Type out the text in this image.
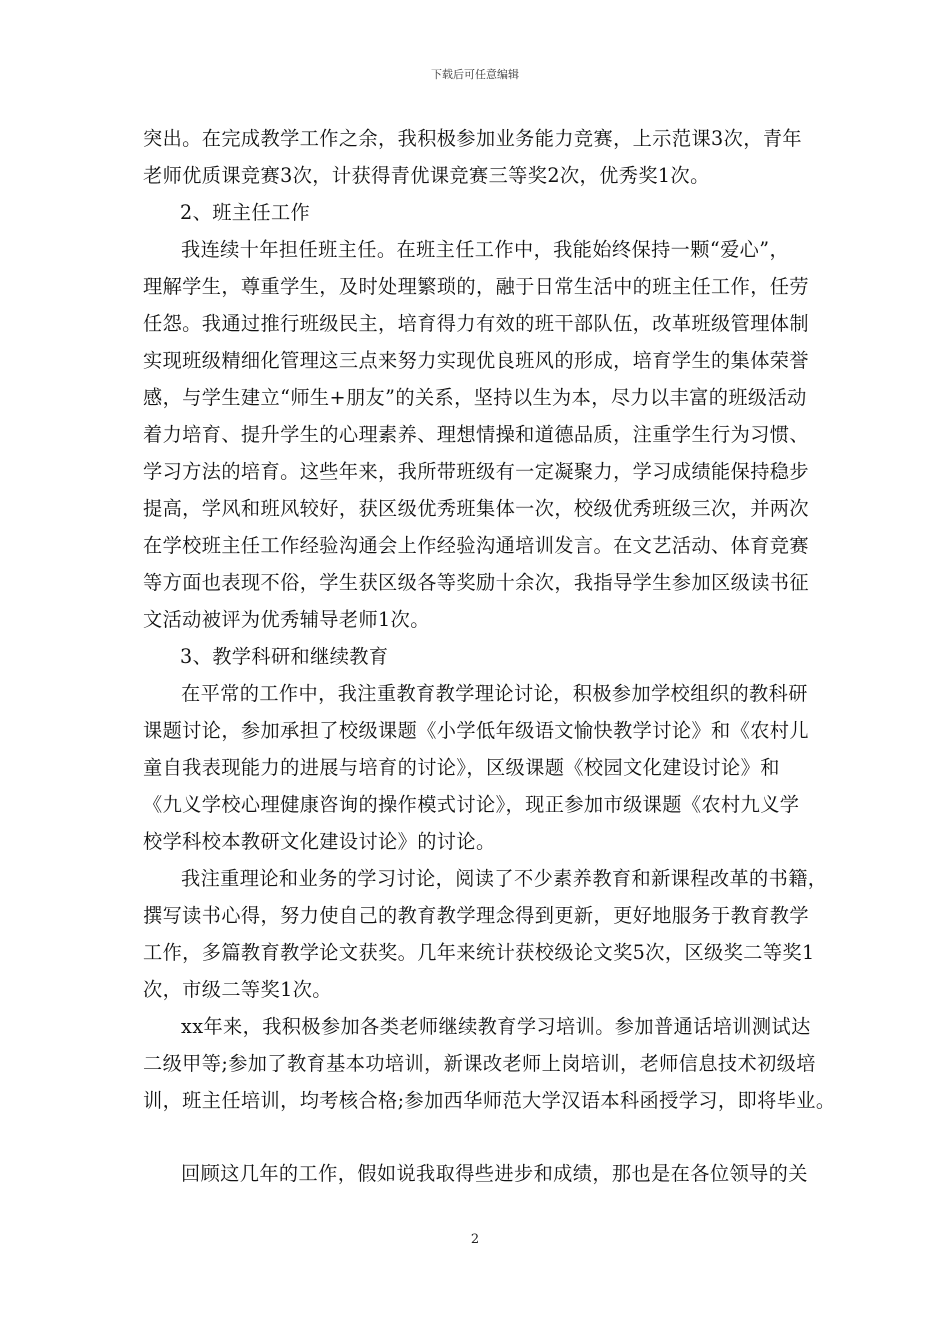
下载后可任意编辑
突出。在完成教学工作之余，我积极参加业务能力竞赛，上示范课3次，青年
老师优质课竞赛3次，计获得青优课竞赛三等奖2次，优秀奖1次。
2、班主任工作
我连续十年担任班主任。在班主任工作中，我能始终保持一颗“爱心”，
理解学生，尊重学生，及时处理繁琐的，融于日常生活中的班主任工作，任劳
任怨。我通过推行班级民主，培育得力有效的班干部队伍，改革班级管理体制
实现班级精细化管理这三点来努力实现优良班风的形成，培育学生的集体荣誉
感，与学生建立“师生+朋友”的关系，坚持以生为本，尽力以丰富的班级活动
着力培育、提升学生的心理素养、理想情操和道德品质，注重学生行为习惯、
学习方法的培育。这些年来，我所带班级有一定凝聚力，学习成绩能保持稳步
提高，学风和班风较好，获区级优秀班集体一次，校级优秀班级三次，并两次
在学校班主任工作经验沟通会上作经验沟通培训发言。在文艺活动、体育竞赛
等方面也表现不俗，学生获区级各等奖励十余次，我指导学生参加区级读书征
文活动被评为优秀辅导老师1次。
3、教学科研和继续教育
在平常的工作中，我注重教育教学理论讨论，积极参加学校组织的教科研
课题讨论，参加承担了校级课题《小学低年级语文愉快教学讨论》和《农村儿
童自我表现能力的进展与培育的讨论》，区级课题《校园文化建设讨论》和
《九义学校心理健康咨询的操作模式讨论》，现正参加市级课题《农村九义学
校学科校本教研文化建设讨论》的讨论。
我注重理论和业务的学习讨论，阅读了不少素养教育和新课程改革的书籍，
撰写读书心得，努力使自己的教育教学理念得到更新，更好地服务于教育教学
工作，多篇教育教学论文获奖。几年来统计获校级论文奖5次，区级奖二等奖1
次，市级二等奖1次。
xx年来，我积极参加各类老师继续教育学习培训。参加普通话培训测试达
二级甲等;参加了教育基本功培训，新课改老师上岗培训，老师信息技术初级培
训，班主任培训，均考核合格;参加西华师范大学汉语本科函授学习，即将毕业。
回顾这几年的工作，假如说我取得些进步和成绩，那也是在各位领导的关
2
